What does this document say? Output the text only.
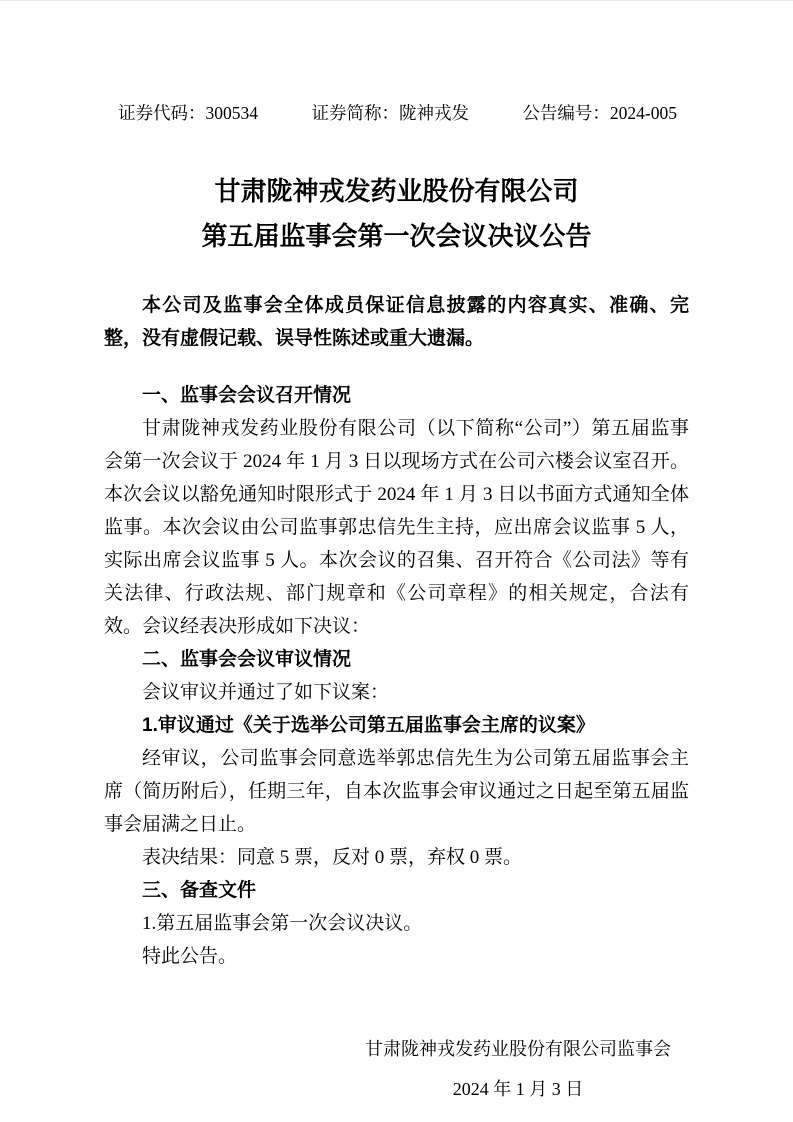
证券代码：300534	证券简称：陇神戎发	公告编号：2024-005
甘肃陇神戎发药业股份有限公司
第五届监事会第一次会议决议公告

本公司及监事会全体成员保证信息披露的内容真实、准确、完整，没有虚假记载、误导性陈述或重大遗漏。

一、监事会会议召开情况

甘肃陇神戎发药业股份有限公司（以下简称“公司”）第五届监事会第一次会议于 2024 年 1 月 3 日以现场方式在公司六楼会议室召开。本次会议以豁免通知时限形式于 2024 年 1 月 3 日以书面方式通知全体监事。本次会议由公司监事郭忠信先生主持，应出席会议监事 5 人，实际出席会议监事 5 人。本次会议的召集、召开符合《公司法》等有关法律、行政法规、部门规章和《公司章程》的相关规定，合法有效。会议经表决形成如下决议：

二、监事会会议审议情况

会议审议并通过了如下议案：

1.审议通过《关于选举公司第五届监事会主席的议案》

经审议，公司监事会同意选举郭忠信先生为公司第五届监事会主席（简历附后），任期三年，自本次监事会审议通过之日起至第五届监事会届满之日止。

表决结果：同意 5 票，反对 0 票，弃权 0 票。

三、备查文件

1.第五届监事会第一次会议决议。

特此公告。

甘肃陇神戎发药业股份有限公司监事会
2024 年 1 月 3 日
